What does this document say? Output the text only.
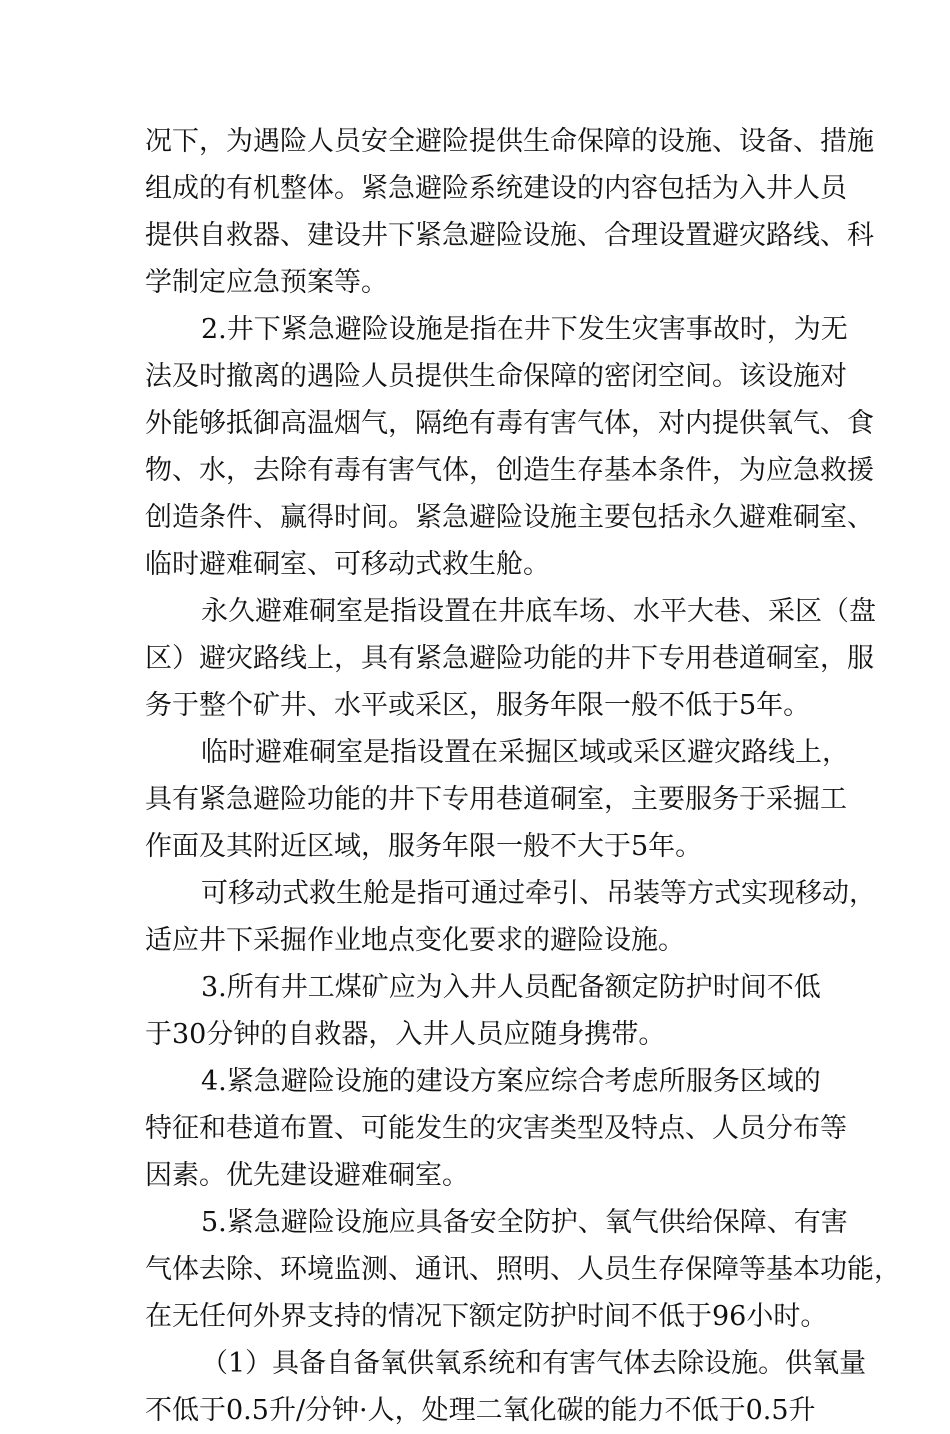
况下，为遇险人员安全避险提供生命保障的设施、设备、措施
组成的有机整体。紧急避险系统建设的内容包括为入井人员
提供自救器、建设井下紧急避险设施、合理设置避灾路线、科
学制定应急预案等。
2.井下紧急避险设施是指在井下发生灾害事故时，为无
法及时撤离的遇险人员提供生命保障的密闭空间。该设施对
外能够抵御高温烟气，隔绝有毒有害气体，对内提供氧气、食
物、水，去除有毒有害气体，创造生存基本条件，为应急救援
创造条件、赢得时间。紧急避险设施主要包括永久避难硐室、
临时避难硐室、可移动式救生舱。
永久避难硐室是指设置在井底车场、水平大巷、采区（盘
区）避灾路线上，具有紧急避险功能的井下专用巷道硐室，服
务于整个矿井、水平或采区，服务年限一般不低于5年。
临时避难硐室是指设置在采掘区域或采区避灾路线上，
具有紧急避险功能的井下专用巷道硐室，主要服务于采掘工
作面及其附近区域，服务年限一般不大于5年。
可移动式救生舱是指可通过牵引、吊装等方式实现移动，
适应井下采掘作业地点变化要求的避险设施。
3.所有井工煤矿应为入井人员配备额定防护时间不低
于30分钟的自救器，入井人员应随身携带。
4.紧急避险设施的建设方案应综合考虑所服务区域的
特征和巷道布置、可能发生的灾害类型及特点、人员分布等
因素。优先建设避难硐室。
5.紧急避险设施应具备安全防护、氧气供给保障、有害
气体去除、环境监测、通讯、照明、人员生存保障等基本功能，
在无任何外界支持的情况下额定防护时间不低于96小时。
（1）具备自备氧供氧系统和有害气体去除设施。供氧量
不低于0.5升/分钟·人，处理二氧化碳的能力不低于0.5升
